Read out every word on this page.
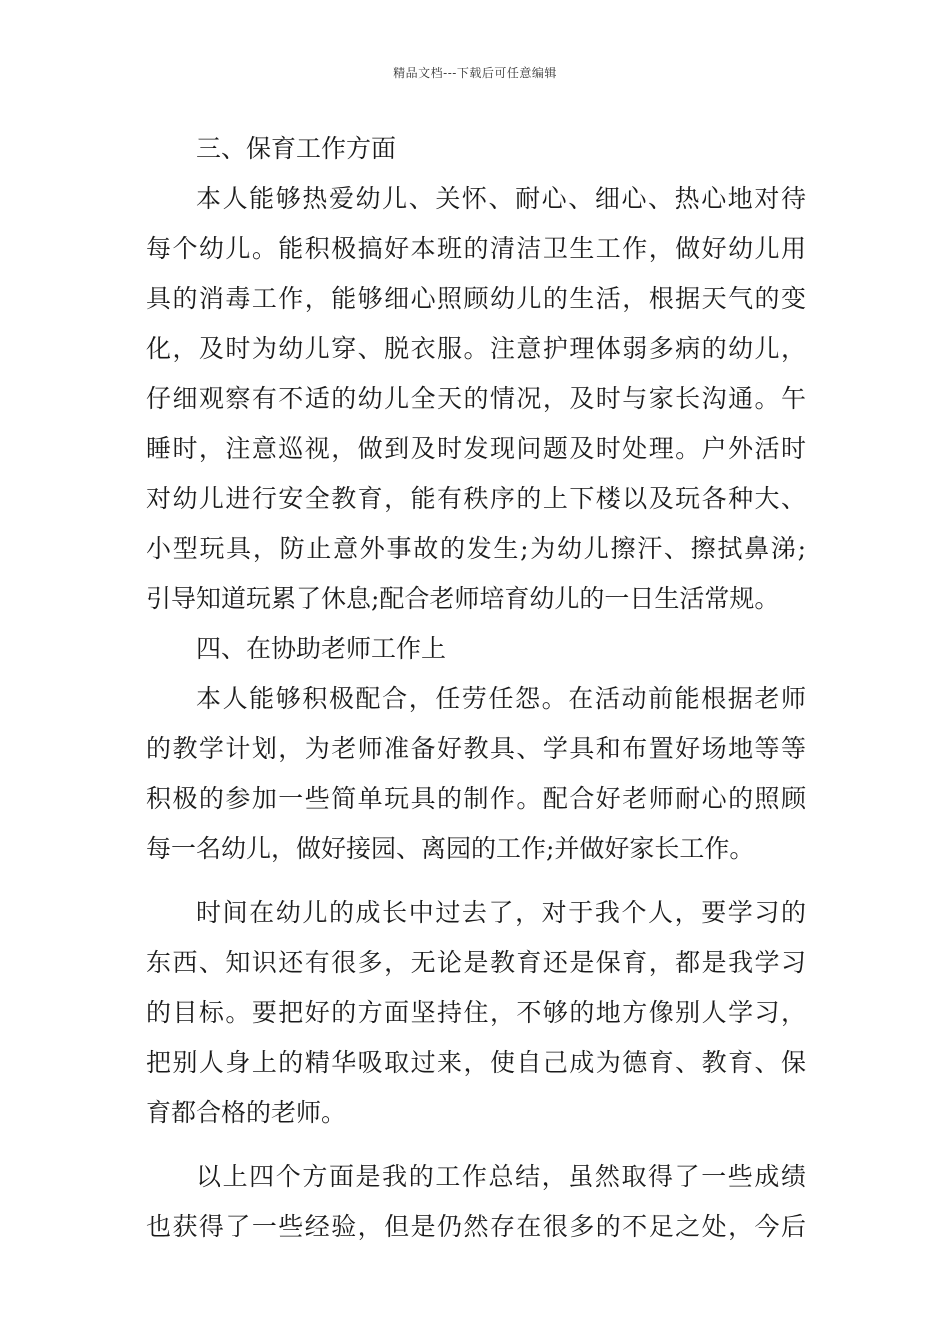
精品文档---下载后可任意编辑
三、保育工作方面
本人能够热爱幼儿、关怀、耐心、细心、热心地对待
每个幼儿。能积极搞好本班的清洁卫生工作，做好幼儿用
具的消毒工作，能够细心照顾幼儿的生活，根据天气的变
化，及时为幼儿穿、脱衣服。注意护理体弱多病的幼儿，
仔细观察有不适的幼儿全天的情况，及时与家长沟通。午
睡时，注意巡视，做到及时发现问题及时处理。户外活时
对幼儿进行安全教育，能有秩序的上下楼以及玩各种大、
小型玩具，防止意外事故的发生;为幼儿擦汗、擦拭鼻涕;
引导知道玩累了休息;配合老师培育幼儿的一日生活常规。
四、在协助老师工作上
本人能够积极配合，任劳任怨。在活动前能根据老师
的教学计划，为老师准备好教具、学具和布置好场地等等
积极的参加一些简单玩具的制作。配合好老师耐心的照顾
每一名幼儿，做好接园、离园的工作;并做好家长工作。
时间在幼儿的成长中过去了，对于我个人，要学习的
东西、知识还有很多，无论是教育还是保育，都是我学习
的目标。要把好的方面坚持住，不够的地方像别人学习，
把别人身上的精华吸取过来，使自己成为德育、教育、保
育都合格的老师。
以上四个方面是我的工作总结，虽然取得了一些成绩
也获得了一些经验，但是仍然存在很多的不足之处，今后
